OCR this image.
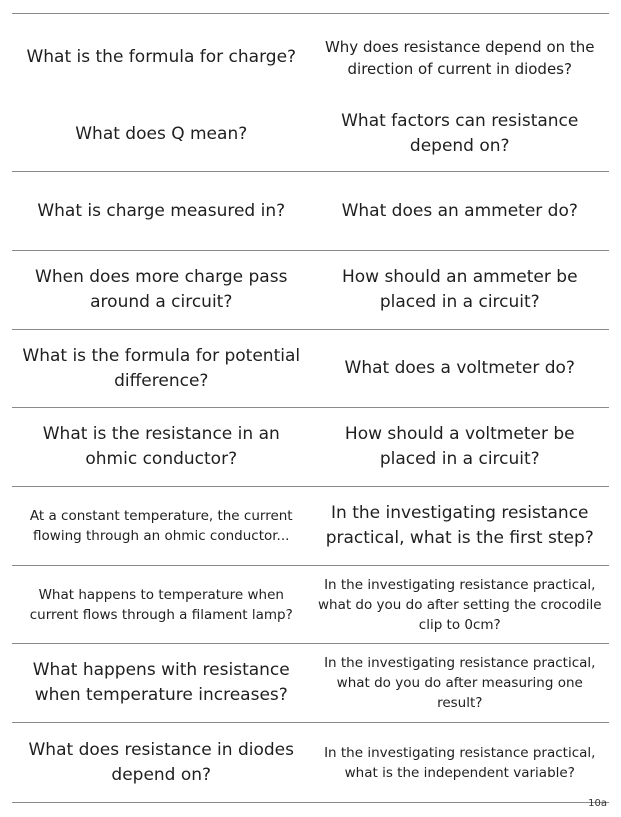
What is the formula for charge?
What does Q mean?
Why does resistance depend on the direction of current in diodes?
What factors can resistance depend on?
What is charge measured in?	What does an ammeter do?
When does more charge pass around a circuit?
How should an ammeter be placed in a circuit?
What is the formula for potential difference?
What does a voltmeter do?
What is the resistance in an ohmic conductor?
How should a voltmeter be placed in a circuit?
At a constant temperature, the current flowing through an ohmic conductor...
In the investigating resistance practical, what is the first step?
What happens to temperature when current flows through a filament lamp?
In the investigating resistance practical, what do you do after setting the crocodile clip to 0cm?
What happens with resistance when temperature increases?
In the investigating resistance practical, what do you do after measuring one result?
What does resistance in diodes depend on?
In the investigating resistance practical, what is the independent variable?
10a
